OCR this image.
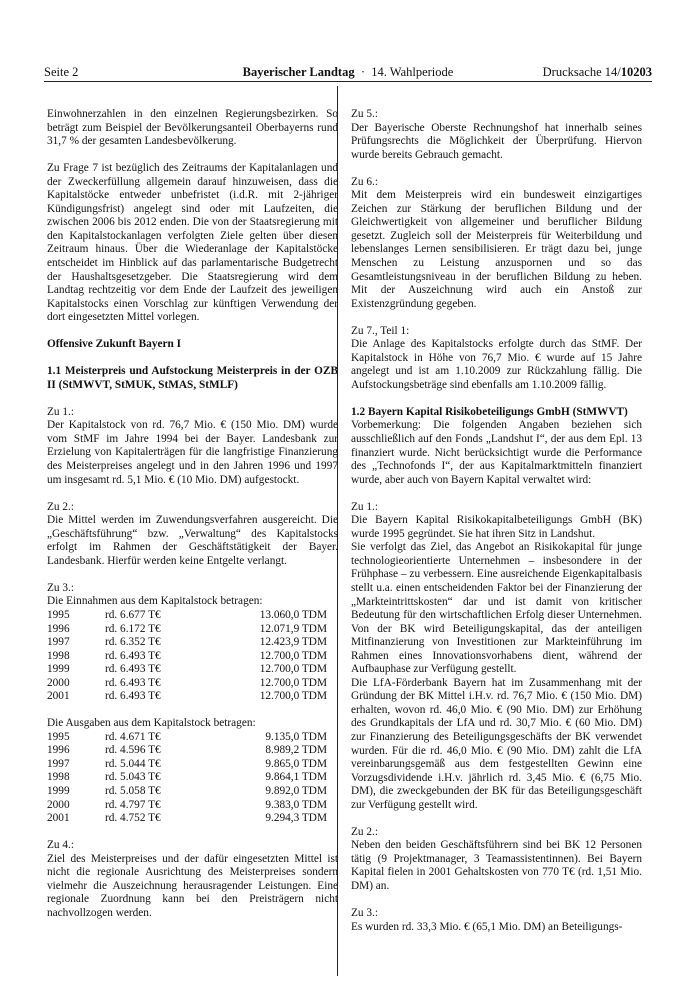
Seite 2	Bayerischer Landtag · 14. Wahlperiode	Drucksache 14/10203

Einwohnerzahlen in den einzelnen Regierungsbezirken. So beträgt zum Beispiel der Bevölkerungsanteil Oberbayerns rund 31,7 % der gesamten Landesbevölkerung.

Zu Frage 7 ist bezüglich des Zeitraums der Kapitalanlagen und der Zweckerfüllung allgemein darauf hinzuweisen, dass die Kapitalstöcke entweder unbefristet (i.d.R. mit 2-jähriger Kündigungsfrist) angelegt sind oder mit Laufzeiten, die zwischen 2006 bis 2012 enden. Die von der Staatsregierung mit den Kapitalstockanlagen verfolgten Ziele gelten über diesen Zeitraum hinaus. Über die Wiederanlage der Kapitalstöcke entscheidet im Hinblick auf das parlamentarische Budgetrecht der Haushaltsgesetzgeber. Die Staatsregierung wird dem Landtag rechtzeitig vor dem Ende der Laufzeit des jeweiligen Kapitalstocks einen Vorschlag zur künftigen Verwendung der dort eingesetzten Mittel vorlegen.

Offensive Zukunft Bayern I

1.1 Meisterpreis und Aufstockung Meisterpreis in der OZB II (StMWVT, StMUK, StMAS, StMLF)

Zu 1.:

Der Kapitalstock von rd. 76,7 Mio. € (150 Mio. DM) wurde vom StMF im Jahre 1994 bei der Bayer. Landesbank zur Erzielung von Kapitalerträgen für die langfristige Finanzierung des Meisterpreises angelegt und in den Jahren 1996 und 1997 um insgesamt rd. 5,1 Mio. € (10 Mio. DM) aufgestockt.

Zu 2.:

Die Mittel werden im Zuwendungsverfahren ausgereicht. Die „Geschäftsführung“ bzw. „Verwaltung“ des Kapitalstocks erfolgt im Rahmen der Geschäftstätigkeit der Bayer. Landesbank. Hierfür werden keine Entgelte verlangt.

Zu 3.:

Die Einnahmen aus dem Kapitalstock betragen:

1995	rd. 6.677 T€	13.060,0 TDM
1996	rd. 6.172 T€	12.071,9 TDM
1997	rd. 6.352 T€	12.423,9 TDM
1998	rd. 6.493 T€	12.700,0 TDM
1999	rd. 6.493 T€	12.700,0 TDM
2000	rd. 6.493 T€	12.700,0 TDM
2001	rd. 6.493 T€	12.700,0 TDM

Die Ausgaben aus dem Kapitalstock betragen:

1995	rd. 4.671 T€	9.135,0 TDM
1996	rd. 4.596 T€	8.989,2 TDM
1997	rd. 5.044 T€	9.865,0 TDM
1998	rd. 5.043 T€	9.864,1 TDM
1999	rd. 5.058 T€	9.892,0 TDM
2000	rd. 4.797 T€	9.383,0 TDM
2001	rd. 4.752 T€	9.294,3 TDM

Zu 4.:

Ziel des Meisterpreises und der dafür eingesetzten Mittel ist nicht die regionale Ausrichtung des Meisterpreises sondern vielmehr die Auszeichnung herausragender Leistungen. Eine regionale Zuordnung kann bei den Preisträgern nicht nachvollzogen werden.

Zu 5.:

Der Bayerische Oberste Rechnungshof hat innerhalb seines Prüfungsrechts die Möglichkeit der Überprüfung. Hiervon wurde bereits Gebrauch gemacht.

Zu 6.:

Mit dem Meisterpreis wird ein bundesweit einzigartiges Zeichen zur Stärkung der beruflichen Bildung und der Gleichwertigkeit von allgemeiner und beruflicher Bildung gesetzt. Zugleich soll der Meisterpreis für Weiterbildung und lebenslanges Lernen sensibilisieren. Er trägt dazu bei, junge Menschen zu Leistung anzuspornen und so das Gesamtleistungsniveau in der beruflichen Bildung zu heben. Mit der Auszeichnung wird auch ein Anstoß zur Existenzgründung gegeben.

Zu 7., Teil 1:

Die Anlage des Kapitalstocks erfolgte durch das StMF. Der Kapitalstock in Höhe von 76,7 Mio. € wurde auf 15 Jahre angelegt und ist am 1.10.2009 zur Rückzahlung fällig. Die Aufstockungsbeträge sind ebenfalls am 1.10.2009 fällig.

1.2 Bayern Kapital Risikobeteiligungs GmbH (StMWVT)

Vorbemerkung: Die folgenden Angaben beziehen sich ausschließlich auf den Fonds „Landshut I“, der aus dem Epl. 13 finanziert wurde. Nicht berücksichtigt wurde die Performance des „Technofonds I“, der aus Kapitalmarktmitteln finanziert wurde, aber auch von Bayern Kapital verwaltet wird:

Zu 1.:

Die Bayern Kapital Risikokapitalbeteiligungs GmbH (BK) wurde 1995 gegründet. Sie hat ihren Sitz in Landshut.

Sie verfolgt das Ziel, das Angebot an Risikokapital für junge technologieorientierte Unternehmen – insbesondere in der Frühphase – zu verbessern. Eine ausreichende Eigenkapitalbasis stellt u.a. einen entscheidenden Faktor bei der Finanzierung der „Markteintrittskosten“ dar und ist damit von kritischer Bedeutung für den wirtschaftlichen Erfolg dieser Unternehmen. Von der BK wird Beteiligungskapital, das der anteiligen Mitfinanzierung von Investitionen zur Markteinführung im Rahmen eines Innovationsvorhabens dient, während der Aufbauphase zur Verfügung gestellt.

Die LfA-Förderbank Bayern hat im Zusammenhang mit der Gründung der BK Mittel i.H.v. rd. 76,7 Mio. € (150 Mio. DM) erhalten, wovon rd. 46,0 Mio. € (90 Mio. DM) zur Erhöhung des Grundkapitals der LfA und rd. 30,7 Mio. € (60 Mio. DM) zur Finanzierung des Beteiligungsgeschäfts der BK verwendet wurden. Für die rd. 46,0 Mio. € (90 Mio. DM) zahlt die LfA vereinbarungsgemäß aus dem festgestellten Gewinn eine Vorzugsdividende i.H.v. jährlich rd. 3,45 Mio. € (6,75 Mio. DM), die zweckgebunden der BK für das Beteiligungsgeschäft zur Verfügung gestellt wird.

Zu 2.:

Neben den beiden Geschäftsführern sind bei BK 12 Personen tätig (9 Projektmanager, 3 Teamassistentinnen). Bei Bayern Kapital fielen in 2001 Gehaltskosten von 770 T€ (rd. 1,51 Mio. DM) an.

Zu 3.:

Es wurden rd. 33,3 Mio. € (65,1 Mio. DM) an Beteiligungs-
